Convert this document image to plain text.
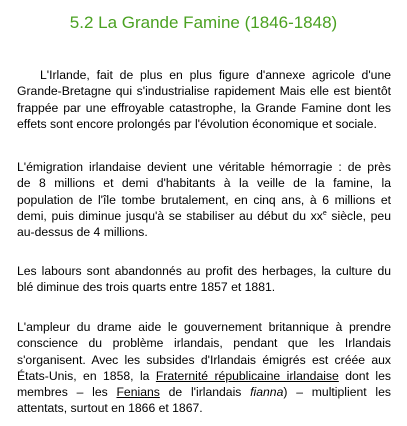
5.2 La Grande Famine (1846-1848)
L'Irlande, fait de plus en plus figure d'annexe agricole d'une
Grande-Bretagne qui s'industrialise rapidement Mais elle est bientôt
frappée par une effroyable catastrophe, la Grande Famine dont les
effets sont encore prolongés par l'évolution économique et sociale.
L'émigration irlandaise devient une véritable hémorragie : de près
de 8 millions et demi d'habitants à la veille de la famine, la
population de l'île tombe brutalement, en cinq ans, à 6 millions et
demi, puis diminue jusqu'à se stabiliser au début du $xx^e$ siècle, peu
au-dessus de 4 millions.
Les labours sont abandonnés au profit des herbages, la culture du
blé diminue des trois quarts entre 1857 et 1881.
L'ampleur du drame aide le gouvernement britannique à prendre
conscience du problème irlandais, pendant que les Irlandais
s'organisent. Avec les subsides d'Irlandais émigrés est créée aux
États-Unis, en 1858, la Fraternité républicaine irlandaise dont les
membres – les Fenians de l'irlandais fianna) – multiplient les
attentats, surtout en 1866 et 1867.
